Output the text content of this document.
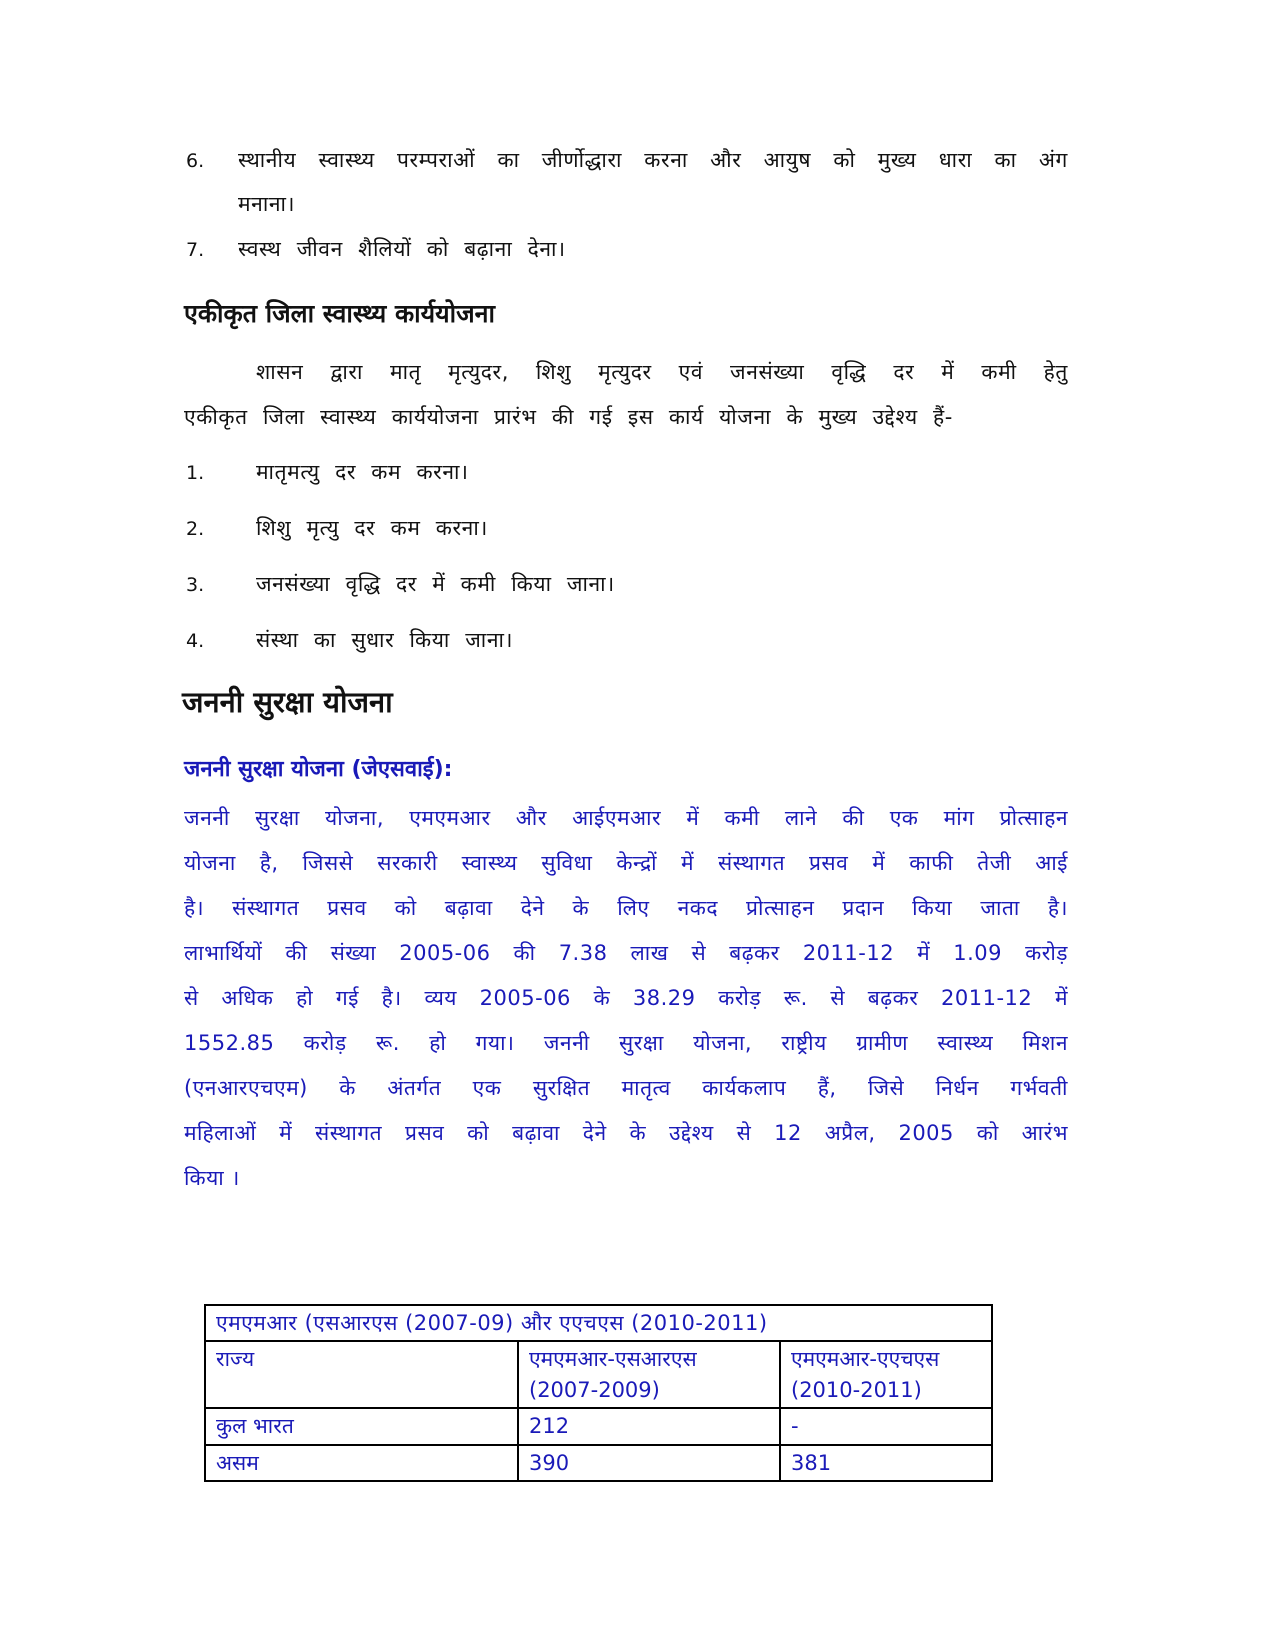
6. स्थानीय स्वास्थ्य परम्पराओं का जीर्णोद्धारा करना और आयुष को मुख्य धारा का अंग
मनाना।
7. स्वस्थ जीवन शैलियों को बढ़ाना देना।
एकीकृत जिला स्वास्थ्य कार्ययोजना
शासन द्वारा मातृ मृत्युदर, शिशु मृत्युदर एवं जनसंख्या वृद्धि दर में कमी हेतु
एकीकृत जिला स्वास्थ्य कार्ययोजना प्रारंभ की गई इस कार्य योजना के मुख्य उद्देश्य हैं-
1. मातृमत्यु दर कम करना।
2. शिशु मृत्यु दर कम करना।
3. जनसंख्या वृद्धि दर में कमी किया जाना।
4. संस्था का सुधार किया जाना।
जननी सुरक्षा योजना
जननी सुरक्षा योजना (जेएसवाई):
जननी सुरक्षा योजना, एमएमआर और आईएमआर में कमी लाने की एक मांग प्रोत्साहन
योजना है, जिससे सरकारी स्वास्थ्य सुविधा केन्द्रों में संस्थागत प्रसव में काफी तेजी आई
है। संस्थागत प्रसव को बढ़ावा देने के लिए नकद प्रोत्साहन प्रदान किया जाता है।
लाभार्थियों की संख्या 2005-06 की 7.38 लाख से बढ़कर 2011-12 में 1.09 करोड़
से अधिक हो गई है। व्यय 2005-06 के 38.29 करोड़ रू. से बढ़कर 2011-12 में
1552.85 करोड़ रू. हो गया। जननी सुरक्षा योजना, राष्ट्रीय ग्रामीण स्वास्थ्य मिशन
(एनआरएचएम) के अंतर्गत एक सुरक्षित मातृत्व कार्यकलाप हैं, जिसे निर्धन गर्भवती
महिलाओं में संस्थागत प्रसव को बढ़ावा देने के उद्देश्य से 12 अप्रैल, 2005 को आरंभ
किया ।
एमएमआर (एसआरएस (2007-09) और एएचएस (2010-2011)		
राज्य	एमएमआर-एसआरएस (2007-2009)	एमएमआर-एएचएस (2010-2011)
कुल भारत	212	-
असम	390	381
